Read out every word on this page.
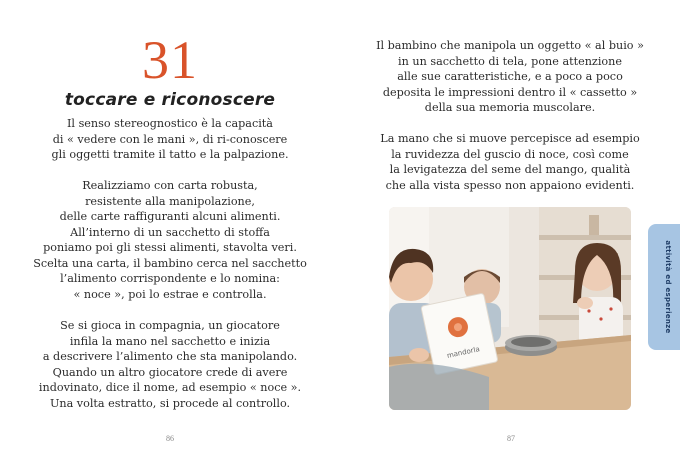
31
toccare e riconoscere
Il senso stereognostico è la capacità
di « vedere con le mani », di ri-conoscere
gli oggetti tramite il tatto e la palpazione.
Realizziamo con carta robusta,
resistente alla manipolazione,
delle carte raffiguranti alcuni alimenti.
All’interno di un sacchetto di stoffa
poniamo poi gli stessi alimenti, stavolta veri.
Scelta una carta, il bambino cerca nel sacchetto
l’alimento corrispondente e lo nomina:
« noce », poi lo estrae e controlla.
Se si gioca in compagnia, un giocatore
infila la mano nel sacchetto e inizia
a descrivere l’alimento che sta manipolando.
Quando un altro giocatore crede di avere
indovinato, dice il nome, ad esempio « noce ».
Una volta estratto, si procede al controllo.
86
Il bambino che manipola un oggetto « al buio »
in un sacchetto di tela, pone attenzione
alle sue caratteristiche, e a poco a poco
deposita le impressioni dentro il « cassetto »
della sua memoria muscolare.
La mano che si muove percepisce ad esempio
la ruvidezza del guscio di noce, così come
la levigatezza del seme del mango, qualità
che alla vista spesso non appaiono evidenti.
87
mandorla
attività ed esperienze
